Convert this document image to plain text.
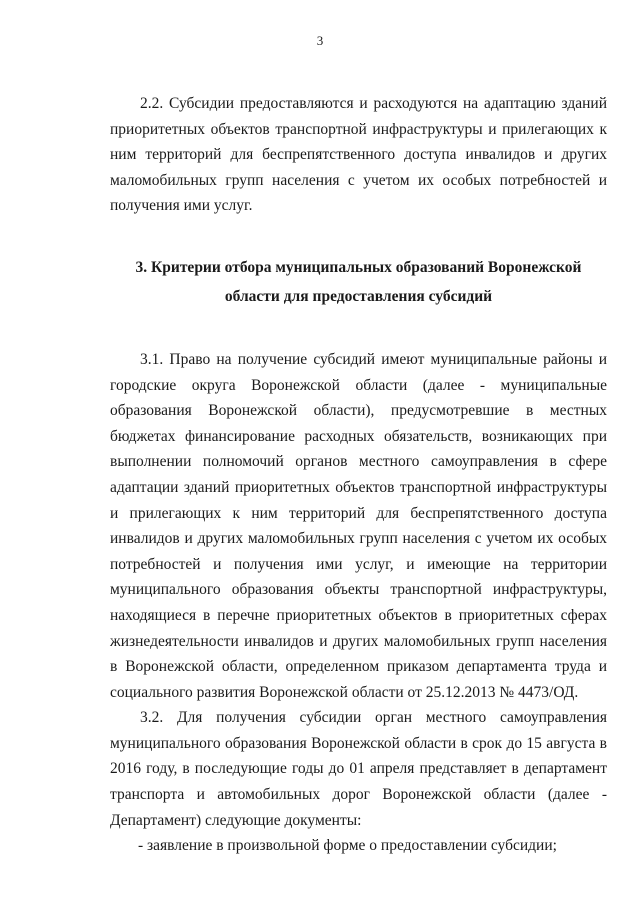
3

2.2. Субсидии предоставляются и расходуются на адаптацию зданий приоритетных объектов транспортной инфраструктуры и прилегающих к ним территорий для беспрепятственного доступа инвалидов и других маломобильных групп населения с учетом их особых потребностей и получения ими услуг.

3. Критерии отбора муниципальных образований Воронежской
области для предоставления субсидий

3.1. Право на получение субсидий имеют муниципальные районы и городские округа Воронежской области (далее - муниципальные образования Воронежской области), предусмотревшие в местных бюджетах финансирование расходных обязательств, возникающих при выполнении полномочий органов местного самоуправления в сфере адаптации зданий приоритетных объектов транспортной инфраструктуры и прилегающих к ним территорий для беспрепятственного доступа инвалидов и других маломобильных групп населения с учетом их особых потребностей и получения ими услуг, и имеющие на территории муниципального образования объекты транспортной инфраструктуры, находящиеся в перечне приоритетных объектов в приоритетных сферах жизнедеятельности инвалидов и других маломобильных групп населения в Воронежской области, определенном приказом департамента труда и социального развития Воронежской области от 25.12.2013 № 4473/ОД.

3.2. Для получения субсидии орган местного самоуправления муниципального образования Воронежской области в срок до 15 августа в 2016 году, в последующие годы до 01 апреля представляет в департамент транспорта и автомобильных дорог Воронежской области (далее - Департамент) следующие документы:

- заявление в произвольной форме о предоставлении субсидии;
